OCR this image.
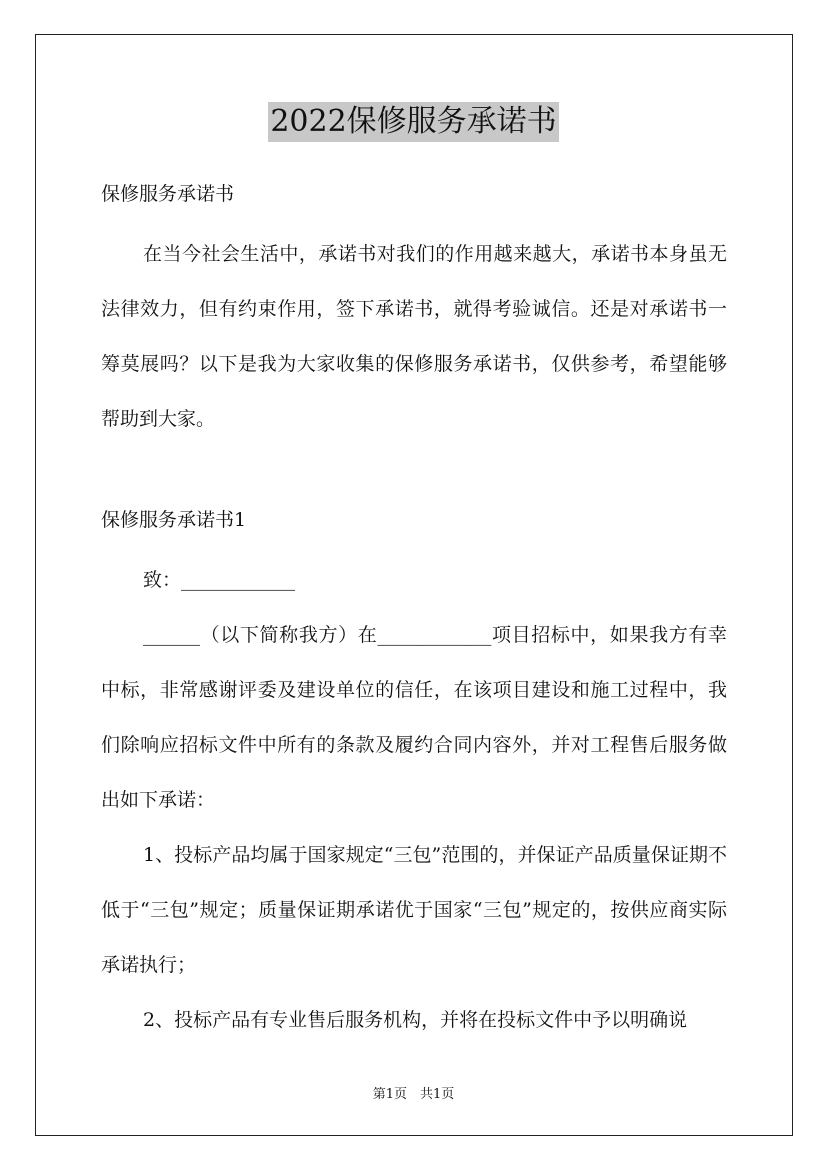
2022保修服务承诺书

保修服务承诺书

在当今社会生活中，承诺书对我们的作用越来越大，承诺书本身虽无法律效力，但有约束作用，签下承诺书，就得考验诚信。还是对承诺书一筹莫展吗？以下是我为大家收集的保修服务承诺书，仅供参考，希望能够帮助到大家。

保修服务承诺书1

致：____________

______（以下简称我方）在____________项目招标中，如果我方有幸中标，非常感谢评委及建设单位的信任，在该项目建设和施工过程中，我们除响应招标文件中所有的条款及履约合同内容外，并对工程售后服务做出如下承诺：

1、投标产品均属于国家规定“三包”范围的，并保证产品质量保证期不低于“三包”规定；质量保证期承诺优于国家“三包”规定的，按供应商实际承诺执行；

2、投标产品有专业售后服务机构，并将在投标文件中予以明确说

第1页　共1页
